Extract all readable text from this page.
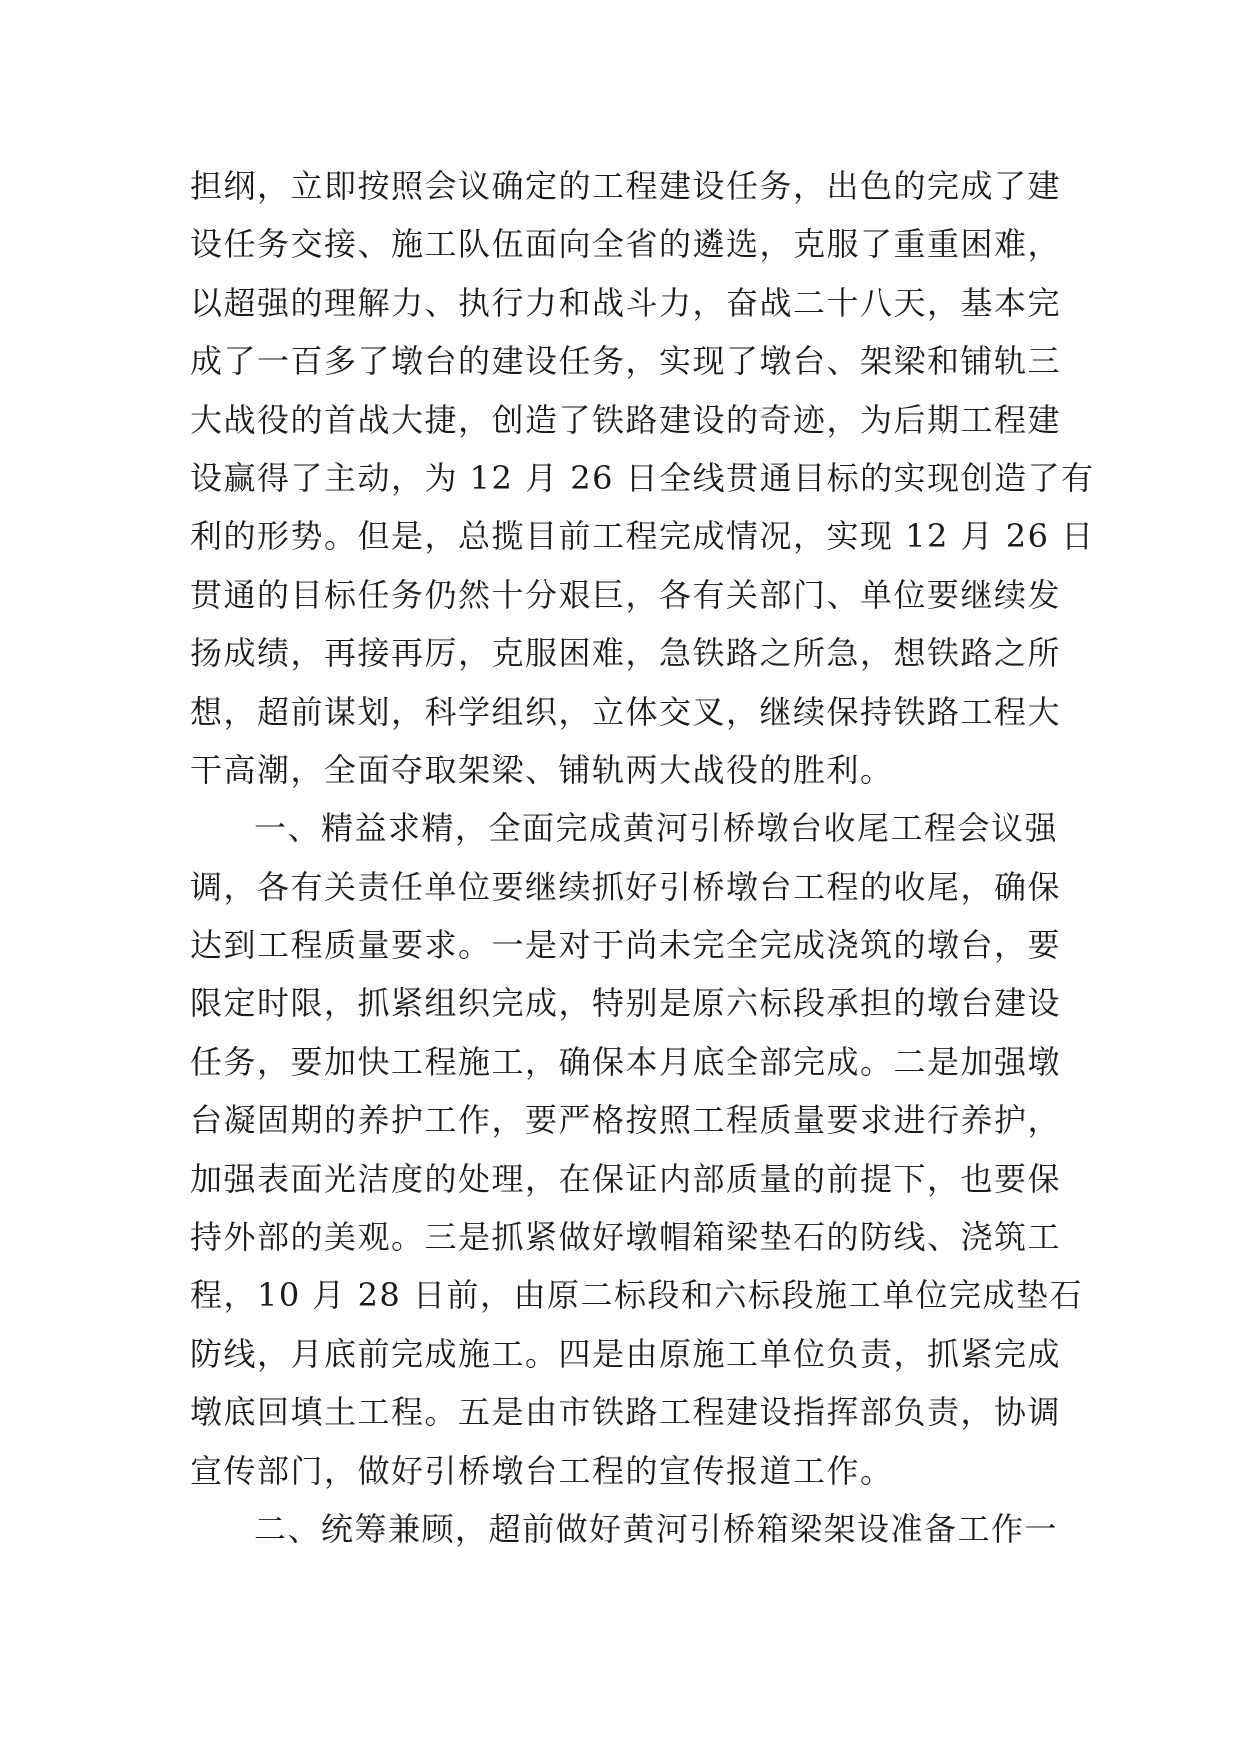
担纲，立即按照会议确定的工程建设任务，出色的完成了建
设任务交接、施工队伍面向全省的遴选，克服了重重困难，
以超强的理解力、执行力和战斗力，奋战二十八天，基本完
成了一百多了墩台的建设任务，实现了墩台、架梁和铺轨三
大战役的首战大捷，创造了铁路建设的奇迹，为后期工程建
设赢得了主动，为 12 月 26 日全线贯通目标的实现创造了有
利的形势。但是，总揽目前工程完成情况，实现 12 月 26 日
贯通的目标任务仍然十分艰巨，各有关部门、单位要继续发
扬成绩，再接再厉，克服困难，急铁路之所急，想铁路之所
想，超前谋划，科学组织，立体交叉，继续保持铁路工程大
干高潮，全面夺取架梁、铺轨两大战役的胜利。
一、精益求精，全面完成黄河引桥墩台收尾工程会议强
调，各有关责任单位要继续抓好引桥墩台工程的收尾，确保
达到工程质量要求。一是对于尚未完全完成浇筑的墩台，要
限定时限，抓紧组织完成，特别是原六标段承担的墩台建设
任务，要加快工程施工，确保本月底全部完成。二是加强墩
台凝固期的养护工作，要严格按照工程质量要求进行养护，
加强表面光洁度的处理，在保证内部质量的前提下，也要保
持外部的美观。三是抓紧做好墩帽箱梁垫石的防线、浇筑工
程，10 月 28 日前，由原二标段和六标段施工单位完成垫石
防线，月底前完成施工。四是由原施工单位负责，抓紧完成
墩底回填土工程。五是由市铁路工程建设指挥部负责，协调
宣传部门，做好引桥墩台工程的宣传报道工作。
二、统筹兼顾，超前做好黄河引桥箱梁架设准备工作一
